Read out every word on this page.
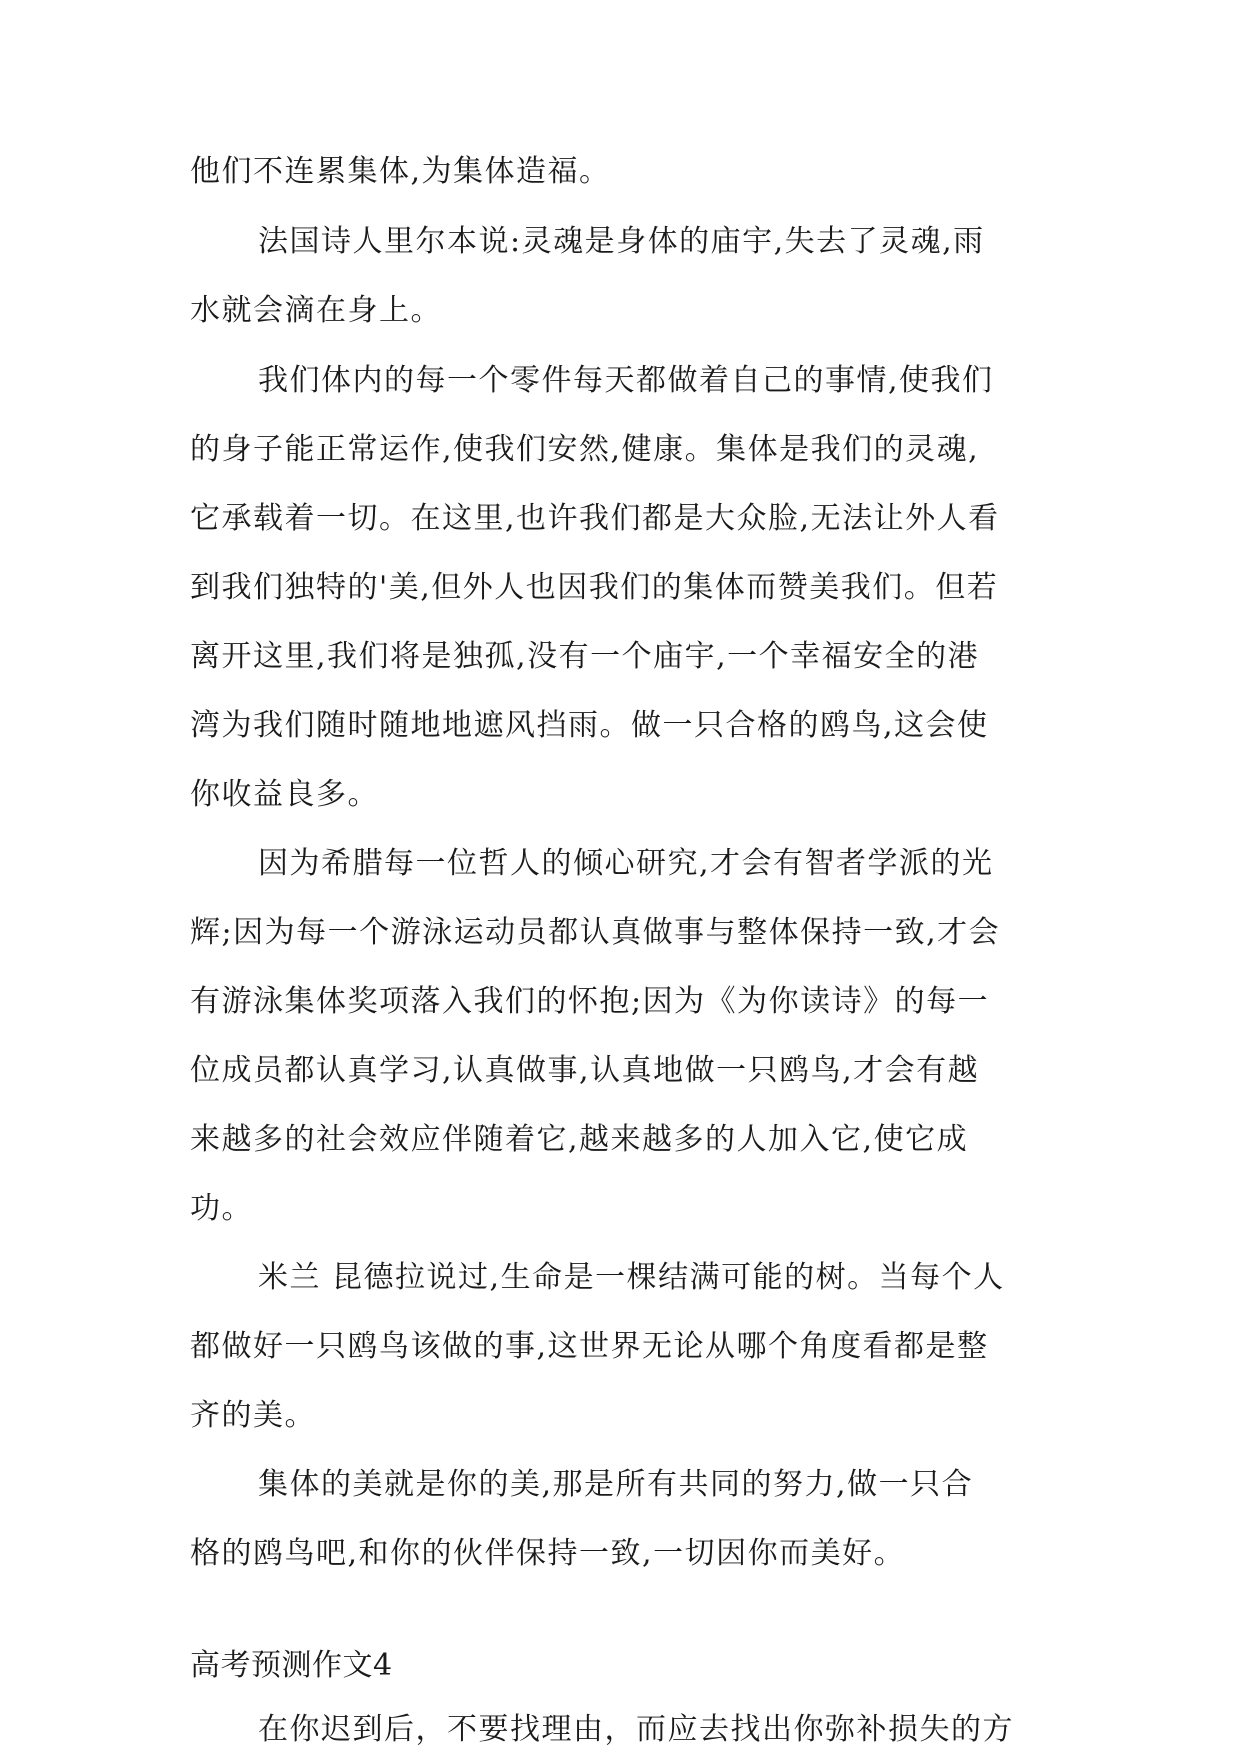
他们不连累集体,为集体造福。
法国诗人里尔本说:灵魂是身体的庙宇,失去了灵魂,雨
水就会滴在身上。
我们体内的每一个零件每天都做着自己的事情,使我们
的身子能正常运作,使我们安然,健康。集体是我们的灵魂,
它承载着一切。在这里,也许我们都是大众脸,无法让外人看
到我们独特的'美,但外人也因我们的集体而赞美我们。但若
离开这里,我们将是独孤,没有一个庙宇,一个幸福安全的港
湾为我们随时随地地遮风挡雨。做一只合格的鸥鸟,这会使
你收益良多。
因为希腊每一位哲人的倾心研究,才会有智者学派的光
辉;因为每一个游泳运动员都认真做事与整体保持一致,才会
有游泳集体奖项落入我们的怀抱;因为《为你读诗》的每一
位成员都认真学习,认真做事,认真地做一只鸥鸟,才会有越
来越多的社会效应伴随着它,越来越多的人加入它,使它成
功。
米兰 昆德拉说过,生命是一棵结满可能的树。当每个人
都做好一只鸥鸟该做的事,这世界无论从哪个角度看都是整
齐的美。
集体的美就是你的美,那是所有共同的努力,做一只合
格的鸥鸟吧,和你的伙伴保持一致,一切因你而美好。
高考预测作文4
在你迟到后，不要找理由，而应去找出你弥补损失的方
